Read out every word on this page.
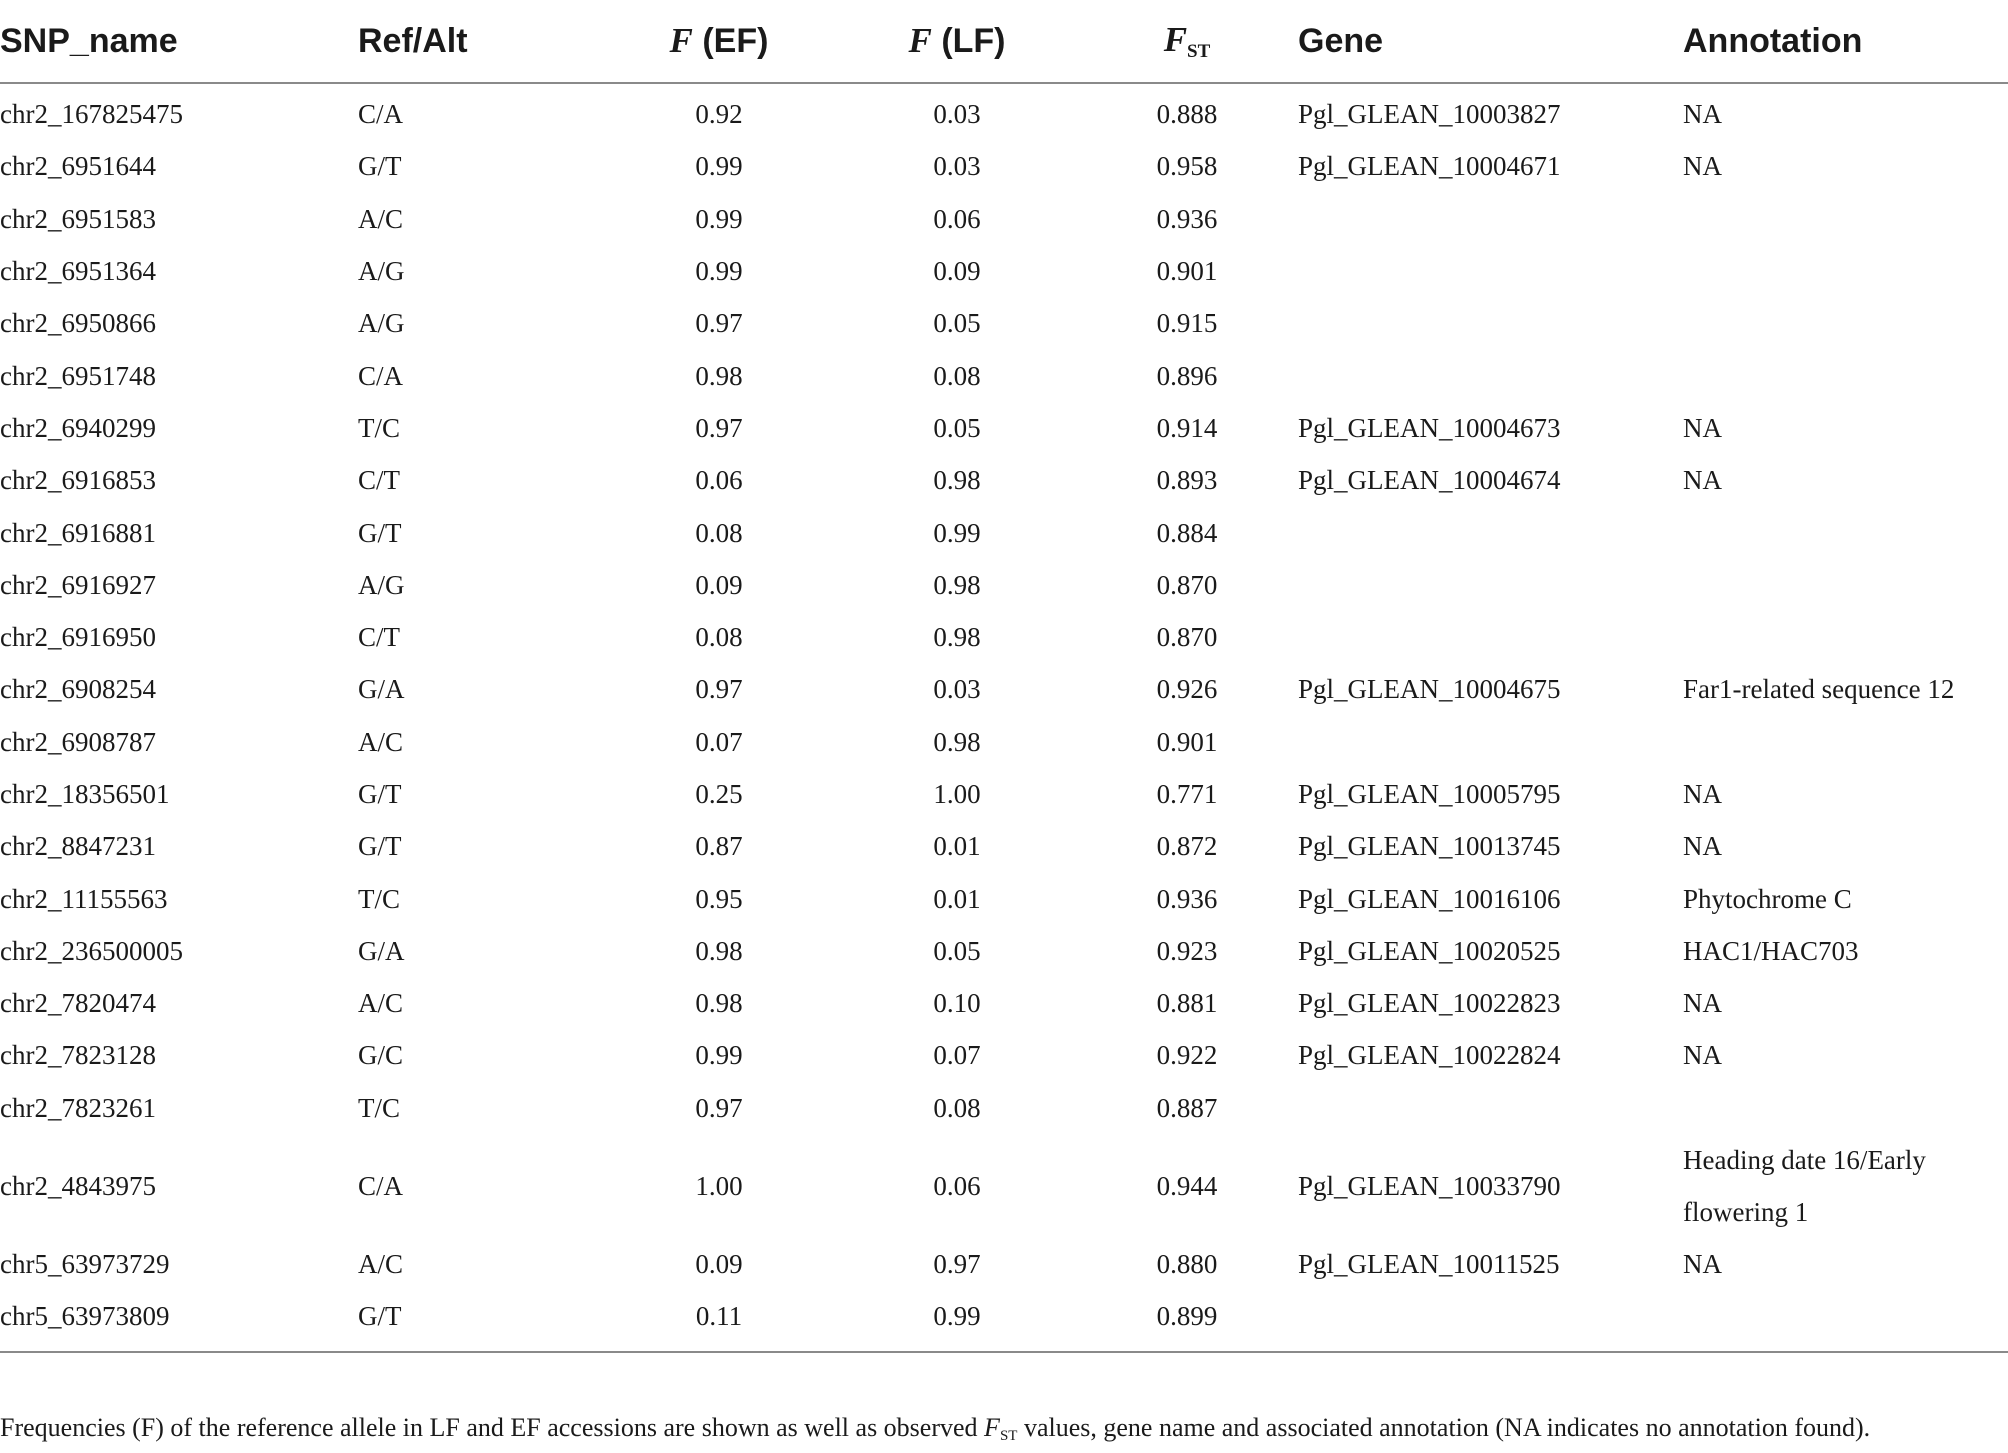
SNP_name	Ref/Alt	F (EF)	F (LF)	$F_{ST}$	Gene	Annotation
chr2_167825475	C/A	0.92	0.03	0.888	Pgl_GLEAN_10003827	NA
chr2_6951644	G/T	0.99	0.03	0.958	Pgl_GLEAN_10004671	NA
chr2_6951583	A/C	0.99	0.06	0.936		
chr2_6951364	A/G	0.99	0.09	0.901		
chr2_6950866	A/G	0.97	0.05	0.915		
chr2_6951748	C/A	0.98	0.08	0.896		
chr2_6940299	T/C	0.97	0.05	0.914	Pgl_GLEAN_10004673	NA
chr2_6916853	C/T	0.06	0.98	0.893	Pgl_GLEAN_10004674	NA
chr2_6916881	G/T	0.08	0.99	0.884		
chr2_6916927	A/G	0.09	0.98	0.870		
chr2_6916950	C/T	0.08	0.98	0.870		
chr2_6908254	G/A	0.97	0.03	0.926	Pgl_GLEAN_10004675	Far1-related sequence 12
chr2_6908787	A/C	0.07	0.98	0.901		
chr2_18356501	G/T	0.25	1.00	0.771	Pgl_GLEAN_10005795	NA
chr2_8847231	G/T	0.87	0.01	0.872	Pgl_GLEAN_10013745	NA
chr2_11155563	T/C	0.95	0.01	0.936	Pgl_GLEAN_10016106	Phytochrome C
chr2_236500005	G/A	0.98	0.05	0.923	Pgl_GLEAN_10020525	HAC1/HAC703
chr2_7820474	A/C	0.98	0.10	0.881	Pgl_GLEAN_10022823	NA
chr2_7823128	G/C	0.99	0.07	0.922	Pgl_GLEAN_10022824	NA
chr2_7823261	T/C	0.97	0.08	0.887		
chr2_4843975	C/A	1.00	0.06	0.944	Pgl_GLEAN_10033790	Heading date 16/Early
flowering 1

chr5_63973729	A/C	0.09	0.97	0.880	Pgl_GLEAN_10011525	NA
chr5_63973809	G/T	0.11	0.99	0.899		
Frequencies (F) of the reference allele in LF and EF accessions are shown as well as observed $F_{ST}$ values, gene name and associated annotation (NA indicates no annotation found).
